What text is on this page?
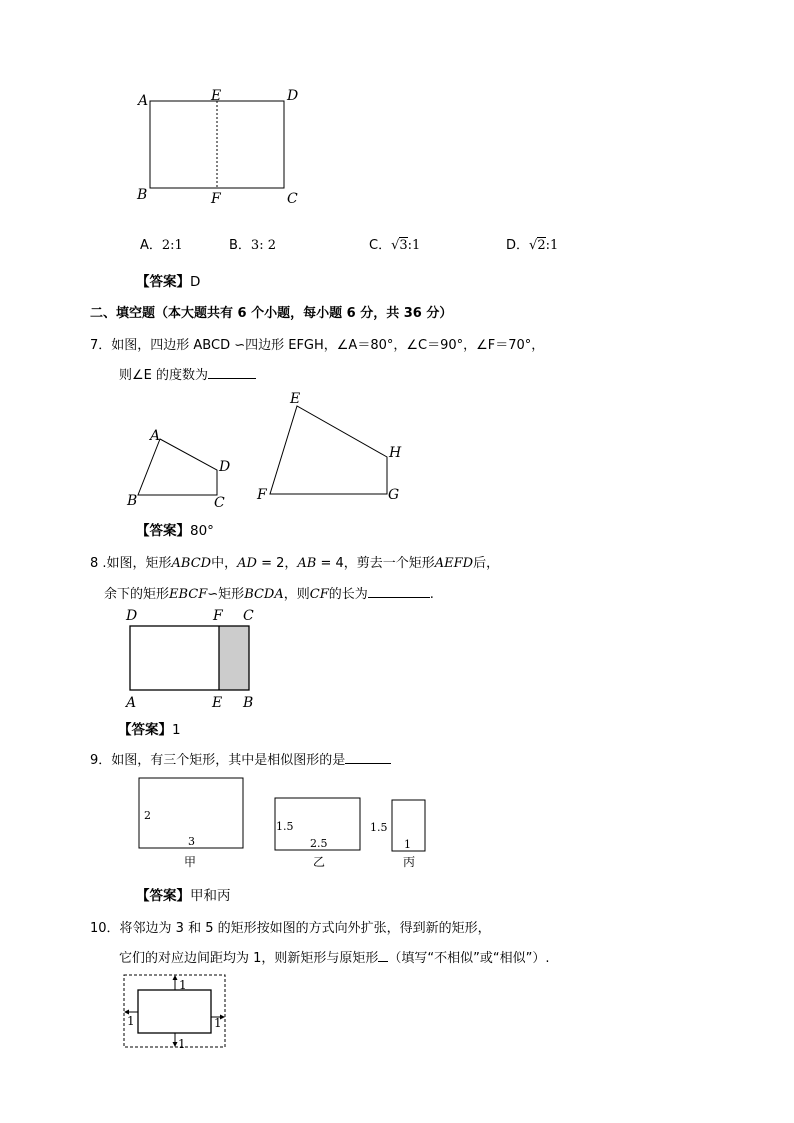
A	E	D
B	F	C
A．2:1	B．3: 2	C．√3:1	D．√2:1
【答案】D
二、填空题（本大题共有 6 个小题，每小题 6 分，共 36 分）
7．如图，四边形 ABCD ∽四边形 EFGH，∠A＝80°，∠C＝90°，∠F＝70°，
则∠E 的度数为
A
B	C
D
E
F	G
H
【答案】80°
8 .如图，矩形ABCD中，AD = 2，AB = 4，剪去一个矩形AEFD后，
余下的矩形EBCF∽矩形BCDA，则CF的长为	.
D	F C
A	E B
【答案】1
9．如图，有三个矩形，其中是相似图形的是
2
3
甲
1.5
2.5
乙
1.5
1
丙
【答案】甲和丙
10．将邻边为 3 和 5 的矩形按如图的方式向外扩张，得到新的矩形，
它们的对应边间距均为 1，则新矩形与原矩形 （填写“不相似”或“相似”）.
1
1
1	1
